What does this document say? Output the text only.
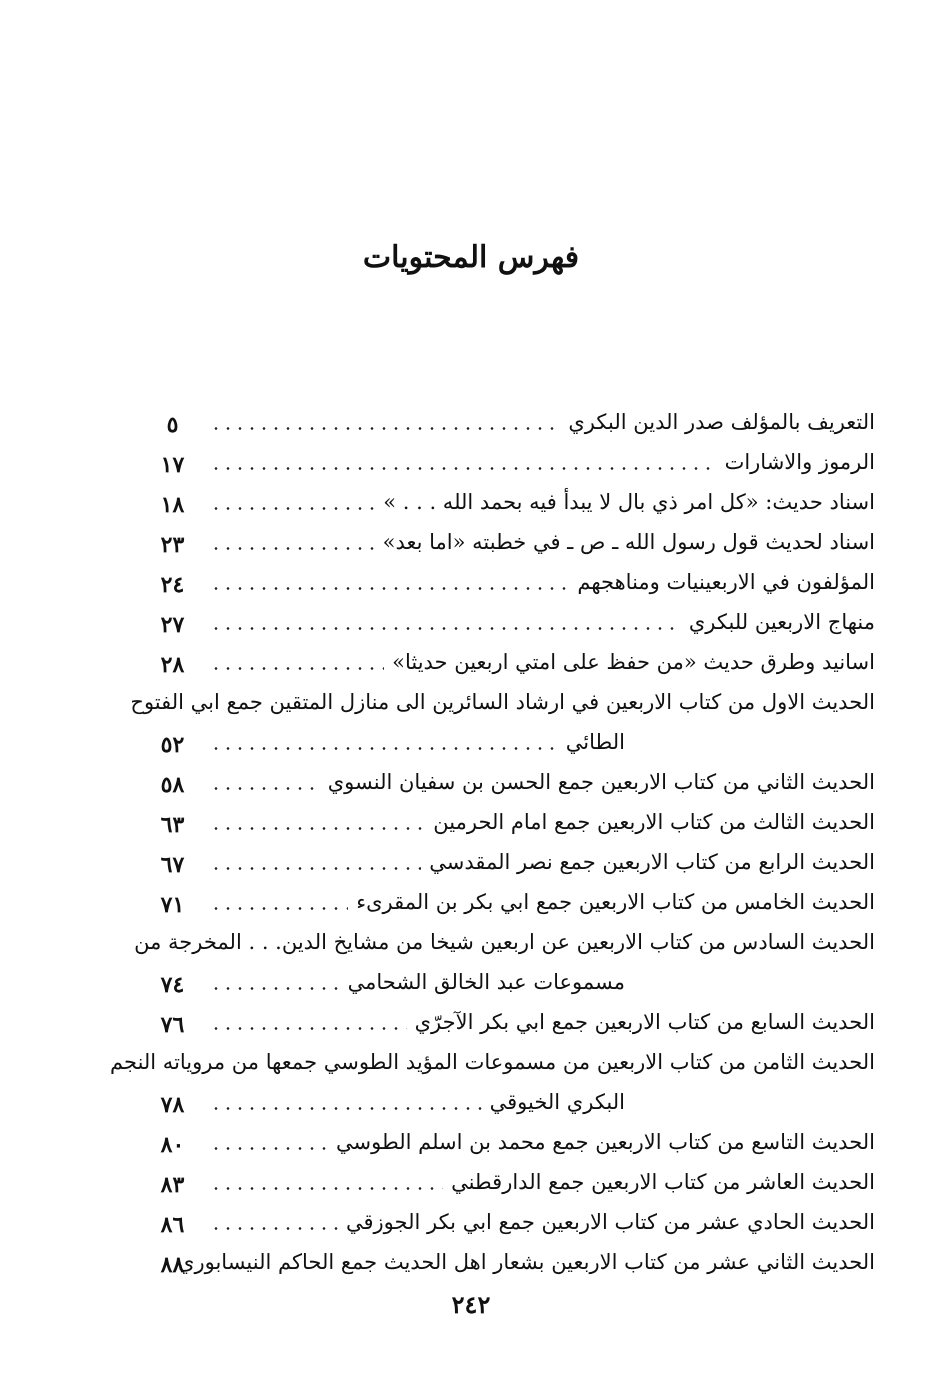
فهرس المحتويات
التعريف بالمؤلف صدر الدين البكري
٥
الرموز والاشارات
١٧
اسناد حديث: «كل امر ذي بال لا يبدأ فيه بحمد الله . . . »
١٨
اسناد لحديث قول رسول الله ـ ص ـ في خطبته «اما بعد»
٢٣
المؤلفون في الاربعينيات ومناهجهم
٢٤
منهاج الاربعين للبكري
٢٧
اسانيد وطرق حديث «من حفظ على امتي اربعين حديثا»
٢٨
الحديث الاول من كتاب الاربعين في ارشاد السائرين الى منازل المتقين جمع ابي الفتوح
الطائي
٥٢
الحديث الثاني من كتاب الاربعين جمع الحسن بن سفيان النسوي
٥٨
الحديث الثالث من كتاب الاربعين جمع امام الحرمين
٦٣
الحديث الرابع من كتاب الاربعين جمع نصر المقدسي
٦٧
الحديث الخامس من كتاب الاربعين جمع ابي بكر بن المقرىء
٧١
الحديث السادس من كتاب الاربعين عن اربعين شيخا من مشايخ الدين. . . المخرجة من
مسموعات عبد الخالق الشحامي
٧٤
الحديث السابع من كتاب الاربعين جمع ابي بكر الآجرّي
٧٦
الحديث الثامن من كتاب الاربعين من مسموعات المؤيد الطوسي جمعها من مروياته النجم
البكري الخيوقي
٧٨
الحديث التاسع من كتاب الاربعين جمع محمد بن اسلم الطوسي
٨٠
الحديث العاشر من كتاب الاربعين جمع الدارقطني
٨٣
الحديث الحادي عشر من كتاب الاربعين جمع ابي بكر الجوزقي
٨٦
الحديث الثاني عشر من كتاب الاربعين بشعار اهل الحديث جمع الحاكم النيسابوري
٨٨
٢٤٢
